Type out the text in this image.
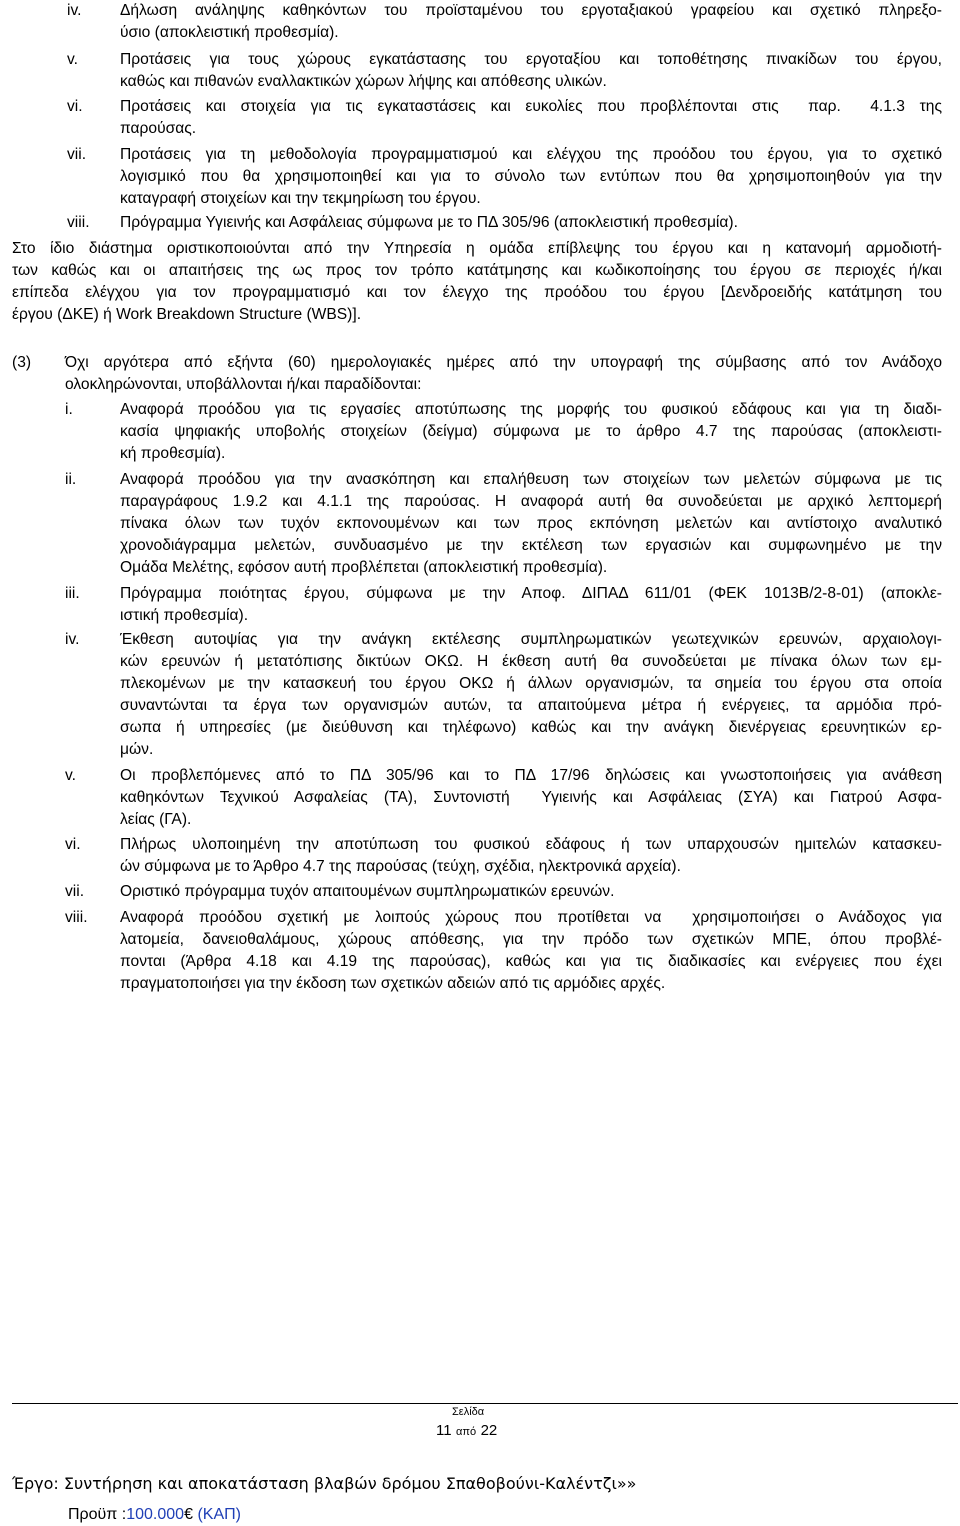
iv. Δήλωση ανάληψης καθηκόντων του προϊσταμένου του εργοταξιακού γραφείου και σχετικό πληρεξο-
ύσιο (αποκλειστική προθεσμία).
v.	Προτάσεις για τους χώρους εγκατάστασης του εργοταξίου και τοποθέτησης πινακίδων του έργου,
καθώς και πιθανών εναλλακτικών χώρων λήψης και απόθεσης υλικών.
vi. Προτάσεις και στοιχεία για τις εγκαταστάσεις και ευκολίες που προβλέπονται στις  παρ.  4.1.3 της
παρούσας.
vii. Προτάσεις για τη μεθοδολογία προγραμματισμού και ελέγχου της προόδου του έργου, για το σχετικό
λογισμικό που θα χρησιμοποιηθεί και για το σύνολο των εντύπων που θα χρησιμοποιηθούν για την
καταγραφή στοιχείων και την τεκμηρίωση του έργου.
viii. Πρόγραμμα Υγιεινής και Ασφάλειας σύμφωνα με το ΠΔ 305/96 (αποκλειστική προθεσμία).
Στο ίδιο διάστημα οριστικοποιούνται από την Υπηρεσία η ομάδα επίβλεψης του έργου και η κατανομή αρμοδιοτή-
των καθώς και οι απαιτήσεις της ως προς τον τρόπο κατάτμησης και κωδικοποίησης του έργου σε περιοχές ή/και
επίπεδα ελέγχου για τον προγραμματισμό και τον έλεγχο της προόδου του έργου [Δενδροειδής κατάτμηση του
έργου (ΔΚΕ) ή Work Breakdown Structure (WBS)].
(3) Όχι αργότερα από εξήντα (60) ημερολογιακές ημέρες από την υπογραφή της σύμβασης από τον Ανάδοχο
ολοκληρώνονται, υποβάλλονται ή/και παραδίδονται:
i.	Αναφορά προόδου για τις εργασίες αποτύπωσης της μορφής του φυσικού εδάφους και για τη διαδι-
κασία ψηφιακής υποβολής στοιχείων (δείγμα) σύμφωνα με το άρθρο 4.7 της παρούσας (αποκλειστι-
κή προθεσμία).
ii.	Αναφορά προόδου για την ανασκόπηση και επαλήθευση των στοιχείων των μελετών σύμφωνα με τις
παραγράφους 1.9.2 και 4.1.1 της παρούσας. Η αναφορά αυτή θα συνοδεύεται με αρχικό λεπτομερή
πίνακα όλων των τυχόν εκπονουμένων και των προς εκπόνηση μελετών και αντίστοιχο αναλυτικό
χρονοδιάγραμμα μελετών, συνδυασμένο με την εκτέλεση των εργασιών και συμφωνημένο με την
Ομάδα Μελέτης, εφόσον αυτή προβλέπεται (αποκλειστική προθεσμία).
iii.	Πρόγραμμα ποιότητας έργου, σύμφωνα με την Αποφ. ΔΙΠΑΔ 611/01 (ΦΕΚ 1013Β/2-8-01) (αποκλε-
ιστική προθεσμία).
iv.	Έκθεση αυτοψίας για την ανάγκη εκτέλεσης συμπληρωματικών γεωτεχνικών ερευνών, αρχαιολογι-
κών ερευνών ή μετατόπισης δικτύων ΟΚΩ. Η έκθεση αυτή θα συνοδεύεται με πίνακα όλων των εμ-
πλεκομένων με την κατασκευή του έργου ΟΚΩ ή άλλων οργανισμών, τα σημεία του έργου στα οποία
συναντώνται τα έργα των οργανισμών αυτών, τα απαιτούμενα μέτρα ή ενέργειες, τα αρμόδια πρό-
σωπα ή υπηρεσίες (με διεύθυνση και τηλέφωνο) καθώς και την ανάγκη διενέργειας ερευνητικών ερ-
μών.
v.	Οι προβλεπόμενες από το ΠΔ 305/96 και το ΠΔ 17/96 δηλώσεις και γνωστοποιήσεις για ανάθεση
καθηκόντων Τεχνικού Ασφαλείας (ΤΑ), Συντονιστή  Υγιεινής και Ασφάλειας (ΣΥΑ) και Γιατρού Ασφα-
λείας (ΓΑ).
vi.	Πλήρως υλοποιημένη την αποτύπωση του φυσικού εδάφους ή των υπαρχουσών ημιτελών κατασκευ-
ών σύμφωνα με το Άρθρο 4.7 της παρούσας (τεύχη, σχέδια, ηλεκτρονικά αρχεία).
vii. Οριστικό πρόγραμμα τυχόν απαιτουμένων συμπληρωματικών ερευνών.
viii. Αναφορά προόδου σχετική με λοιπούς χώρους που προτίθεται να  χρησιμοποιήσει ο Ανάδοχος για
λατομεία, δανειοθαλάμους, χώρους απόθεσης, για την πρόδο των σχετικών ΜΠΕ, όπου προβλέ-
πονται (Άρθρα 4.18 και 4.19 της παρούσας), καθώς και για τις διαδικασίες και ενέργειες που έχει
πραγματοποιήσει για την έκδοση των σχετικών αδειών από τις αρμόδιες αρχές.
Σελίδα
11 από 22
Έργο: Συντήρηση και αποκατάσταση βλαβών δρόμου Σπαθοβούνι-Καλέντζι»»
Προϋπ :100.000€ (ΚΑΠ)
